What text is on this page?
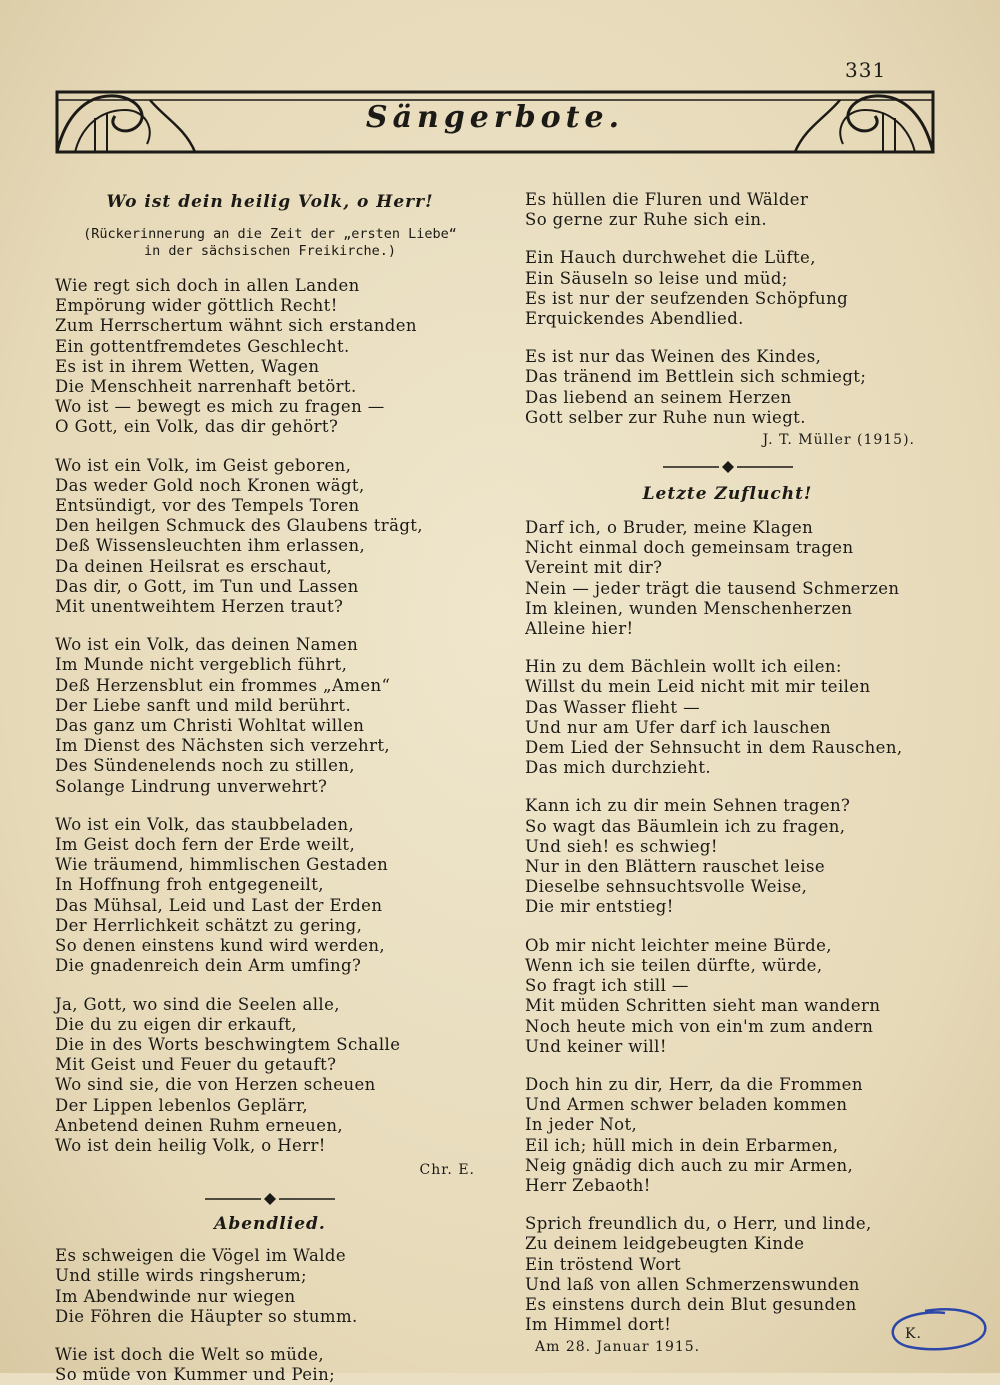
331
Sängerbote.
Wo ist dein heilig Volk, o Herr!
(Rückerinnerung an die Zeit der „ersten Liebe“
in der sächsischen Freikirche.)
Wie regt sich doch in allen Landen
Empörung wider göttlich Recht!
Zum Herrschertum wähnt sich erstanden
Ein gottentfremdetes Geschlecht.
Es ist in ihrem Wetten, Wagen
Die Menschheit narrenhaft betört.
Wo ist — bewegt es mich zu fragen —
O Gott, ein Volk, das dir gehört?
Wo ist ein Volk, im Geist geboren,
Das weder Gold noch Kronen wägt,
Entsündigt, vor des Tempels Toren
Den heilgen Schmuck des Glaubens trägt,
Deß Wissensleuchten ihm erlassen,
Da deinen Heilsrat es erschaut,
Das dir, o Gott, im Tun und Lassen
Mit unentweihtem Herzen traut?
Wo ist ein Volk, das deinen Namen
Im Munde nicht vergeblich führt,
Deß Herzensblut ein frommes „Amen“
Der Liebe sanft und mild berührt.
Das ganz um Christi Wohltat willen
Im Dienst des Nächsten sich verzehrt,
Des Sündenelends noch zu stillen,
Solange Lindrung unverwehrt?
Wo ist ein Volk, das staubbeladen,
Im Geist doch fern der Erde weilt,
Wie träumend, himmlischen Gestaden
In Hoffnung froh entgegeneilt,
Das Mühsal, Leid und Last der Erden
Der Herrlichkeit schätzt zu gering,
So denen einstens kund wird werden,
Die gnadenreich dein Arm umfing?
Ja, Gott, wo sind die Seelen alle,
Die du zu eigen dir erkauft,
Die in des Worts beschwingtem Schalle
Mit Geist und Feuer du getauft?
Wo sind sie, die von Herzen scheuen
Der Lippen lebenlos Geplärr,
Anbetend deinen Ruhm erneuen,
Wo ist dein heilig Volk, o Herr!
Chr. E.
Abendlied.
Es schweigen die Vögel im Walde
Und stille wirds ringsherum;
Im Abendwinde nur wiegen
Die Föhren die Häupter so stumm.
Wie ist doch die Welt so müde,
So müde von Kummer und Pein;
Es hüllen die Fluren und Wälder
So gerne zur Ruhe sich ein.
Ein Hauch durchwehet die Lüfte,
Ein Säuseln so leise und müd;
Es ist nur der seufzenden Schöpfung
Erquickendes Abendlied.
Es ist nur das Weinen des Kindes,
Das tränend im Bettlein sich schmiegt;
Das liebend an seinem Herzen
Gott selber zur Ruhe nun wiegt.
J. T. Müller (1915).
Letzte Zuflucht!
Darf ich, o Bruder, meine Klagen
Nicht einmal doch gemeinsam tragen
Vereint mit dir?
Nein — jeder trägt die tausend Schmerzen
Im kleinen, wunden Menschenherzen
Alleine hier!
Hin zu dem Bächlein wollt ich eilen:
Willst du mein Leid nicht mit mir teilen
Das Wasser flieht —
Und nur am Ufer darf ich lauschen
Dem Lied der Sehnsucht in dem Rauschen,
Das mich durchzieht.
Kann ich zu dir mein Sehnen tragen?
So wagt das Bäumlein ich zu fragen,
Und sieh! es schwieg!
Nur in den Blättern rauschet leise
Dieselbe sehnsuchtsvolle Weise,
Die mir entstieg!
Ob mir nicht leichter meine Bürde,
Wenn ich sie teilen dürfte, würde,
So fragt ich still —
Mit müden Schritten sieht man wandern
Noch heute mich von ein'm zum andern
Und keiner will!
Doch hin zu dir, Herr, da die Frommen
Und Armen schwer beladen kommen
In jeder Not,
Eil ich; hüll mich in dein Erbarmen,
Neig gnädig dich auch zu mir Armen,
Herr Zebaoth!
Sprich freundlich du, o Herr, und linde,
Zu deinem leidgebeugten Kinde
Ein tröstend Wort
Und laß von allen Schmerzenswunden
Es einstens durch dein Blut gesunden
Im Himmel dort!
Am 28. Januar 1915.
K.
